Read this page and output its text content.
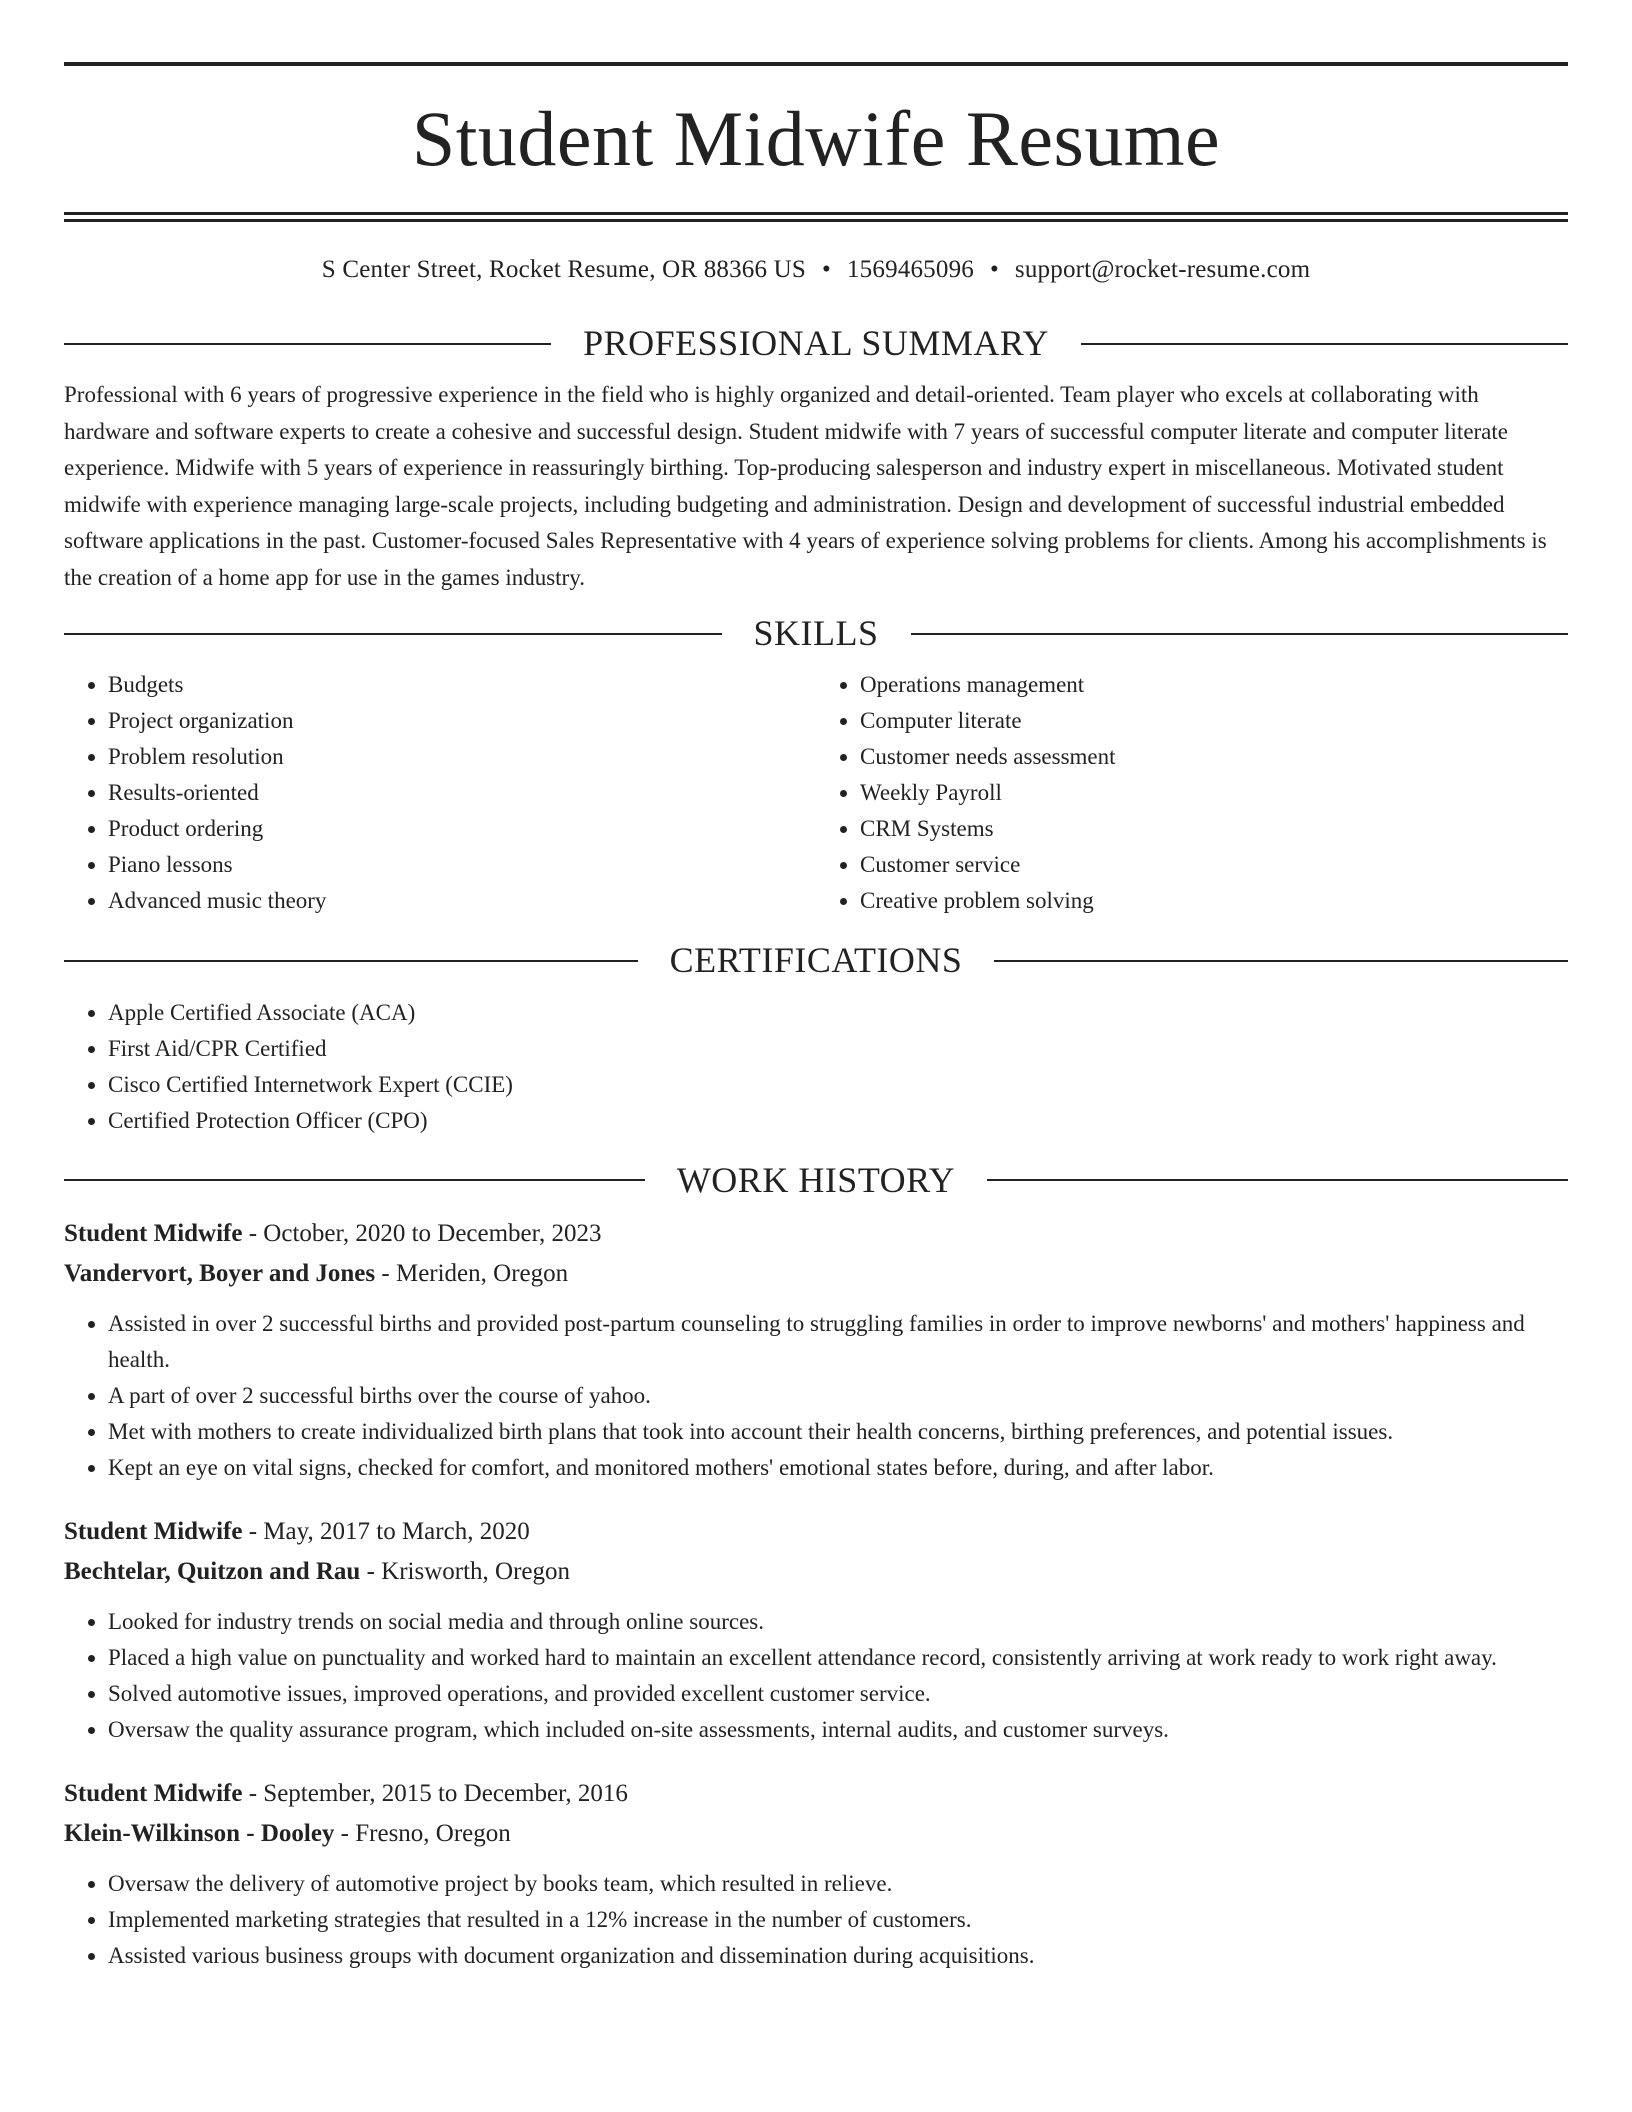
Student Midwife Resume
S Center Street, Rocket Resume, OR 88366 US • 1569465096 • support@rocket-resume.com
PROFESSIONAL SUMMARY

Professional with 6 years of progressive experience in the field who is highly organized and detail-oriented. Team player who excels at collaborating with hardware and software experts to create a cohesive and successful design. Student midwife with 7 years of successful computer literate and computer literate experience. Midwife with 5 years of experience in reassuringly birthing. Top-producing salesperson and industry expert in miscellaneous. Motivated student midwife with experience managing large-scale projects, including budgeting and administration. Design and development of successful industrial embedded software applications in the past. Customer-focused Sales Representative with 4 years of experience solving problems for clients. Among his accomplishments is the creation of a home app for use in the games industry.

SKILLS
• Budgets
• Project organization
• Problem resolution
• Results-oriented
• Product ordering
• Piano lessons
• Advanced music theory
• Operations management
• Computer literate
• Customer needs assessment
• Weekly Payroll
• CRM Systems
• Customer service
• Creative problem solving
CERTIFICATIONS
• Apple Certified Associate (ACA)
• First Aid/CPR Certified
• Cisco Certified Internetwork Expert (CCIE)
• Certified Protection Officer (CPO)
WORK HISTORY
Student Midwife - October, 2020 to December, 2023
Vandervort, Boyer and Jones - Meriden, Oregon
• Assisted in over 2 successful births and provided post-partum counseling to struggling families in order to improve newborns' and mothers' happiness and health.
• A part of over 2 successful births over the course of yahoo.
• Met with mothers to create individualized birth plans that took into account their health concerns, birthing preferences, and potential issues.
• Kept an eye on vital signs, checked for comfort, and monitored mothers' emotional states before, during, and after labor.
Student Midwife - May, 2017 to March, 2020
Bechtelar, Quitzon and Rau - Krisworth, Oregon
• Looked for industry trends on social media and through online sources.
• Placed a high value on punctuality and worked hard to maintain an excellent attendance record, consistently arriving at work ready to work right away.
• Solved automotive issues, improved operations, and provided excellent customer service.
• Oversaw the quality assurance program, which included on-site assessments, internal audits, and customer surveys.
Student Midwife - September, 2015 to December, 2016
Klein-Wilkinson - Dooley - Fresno, Oregon
• Oversaw the delivery of automotive project by books team, which resulted in relieve.
• Implemented marketing strategies that resulted in a 12% increase in the number of customers.
• Assisted various business groups with document organization and dissemination during acquisitions.
